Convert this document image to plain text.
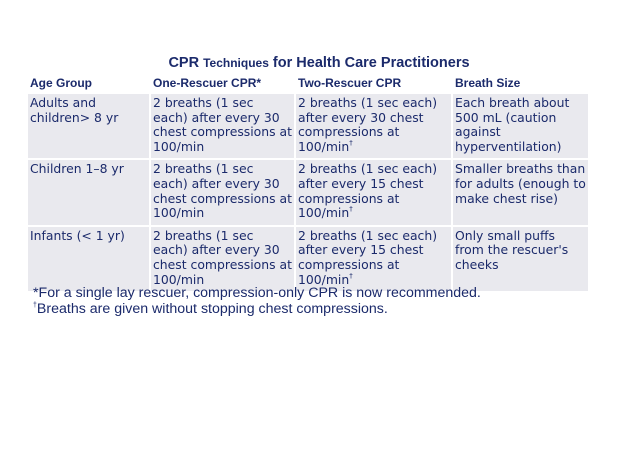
CPR Techniques for Health Care Practitioners
Age Group	One-Rescuer CPR*	Two-Rescuer CPR	Breath Size
Adults and children> 8 yr	2 breaths (1 sec each) after every 30 chest compressions at 100/min	2 breaths (1 sec each) after every 30 chest compressions at 100/min†	Each breath about 500 mL (caution against hyperventilation)
Children 1–8 yr	2 breaths (1 sec each) after every 30 chest compressions at 100/min	2 breaths (1 sec each) after every 15 chest compressions at 100/min†	Smaller breaths than for adults (enough to make chest rise)
Infants (< 1 yr)	2 breaths (1 sec each) after every 30 chest compressions at 100/min	2 breaths (1 sec each) after every 15 chest compressions at 100/min†	Only small puffs from the rescuer's cheeks
*For a single lay rescuer, compression-only CPR is now recommended.
†Breaths are given without stopping chest compressions.
